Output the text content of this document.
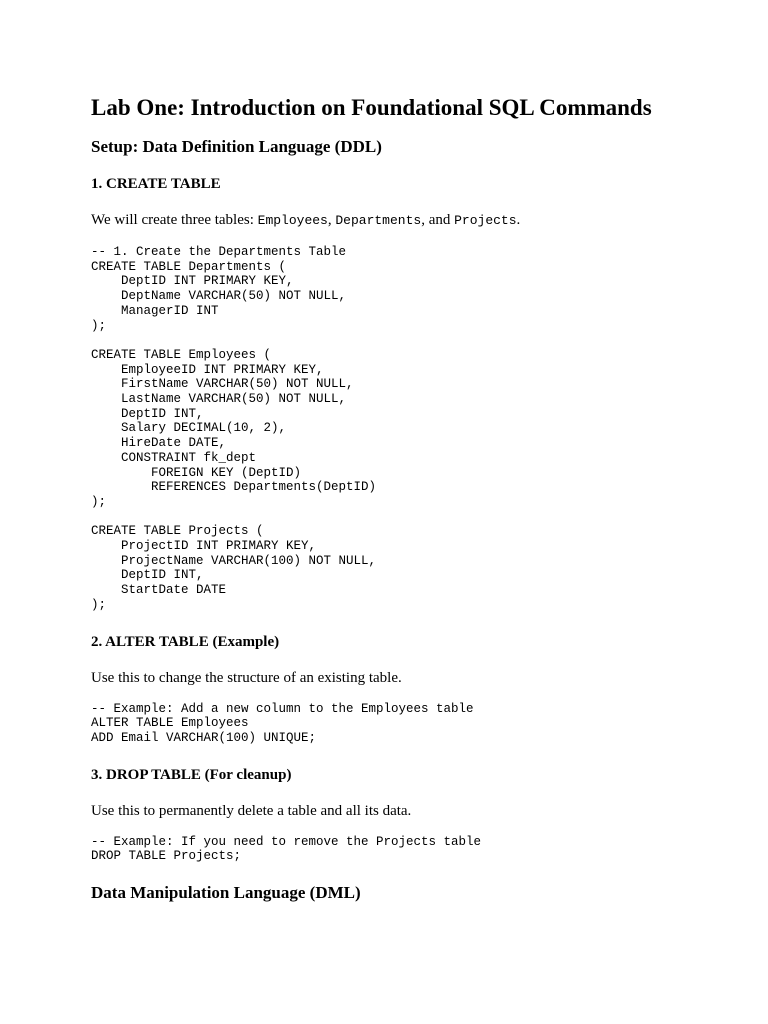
Lab One: Introduction on Foundational SQL Commands
Setup: Data Definition Language (DDL)
1. CREATE TABLE

We will create three tables: Employees, Departments, and Projects.

-- 1. Create the Departments Table
CREATE TABLE Departments (
DeptID INT PRIMARY KEY,
DeptName VARCHAR(50) NOT NULL,
ManagerID INT
);

CREATE TABLE Employees (
EmployeeID INT PRIMARY KEY,
FirstName VARCHAR(50) NOT NULL,
LastName VARCHAR(50) NOT NULL,
DeptID INT,
Salary DECIMAL(10, 2),
HireDate DATE,
CONSTRAINT fk_dept
FOREIGN KEY (DeptID)
REFERENCES Departments(DeptID)
);

CREATE TABLE Projects (
ProjectID INT PRIMARY KEY,
ProjectName VARCHAR(100) NOT NULL,
DeptID INT,
StartDate DATE
);
2. ALTER TABLE (Example)

Use this to change the structure of an existing table.

-- Example: Add a new column to the Employees table
ALTER TABLE Employees
ADD Email VARCHAR(100) UNIQUE;
3. DROP TABLE (For cleanup)

Use this to permanently delete a table and all its data.

-- Example: If you need to remove the Projects table
DROP TABLE Projects;
Data Manipulation Language (DML)
